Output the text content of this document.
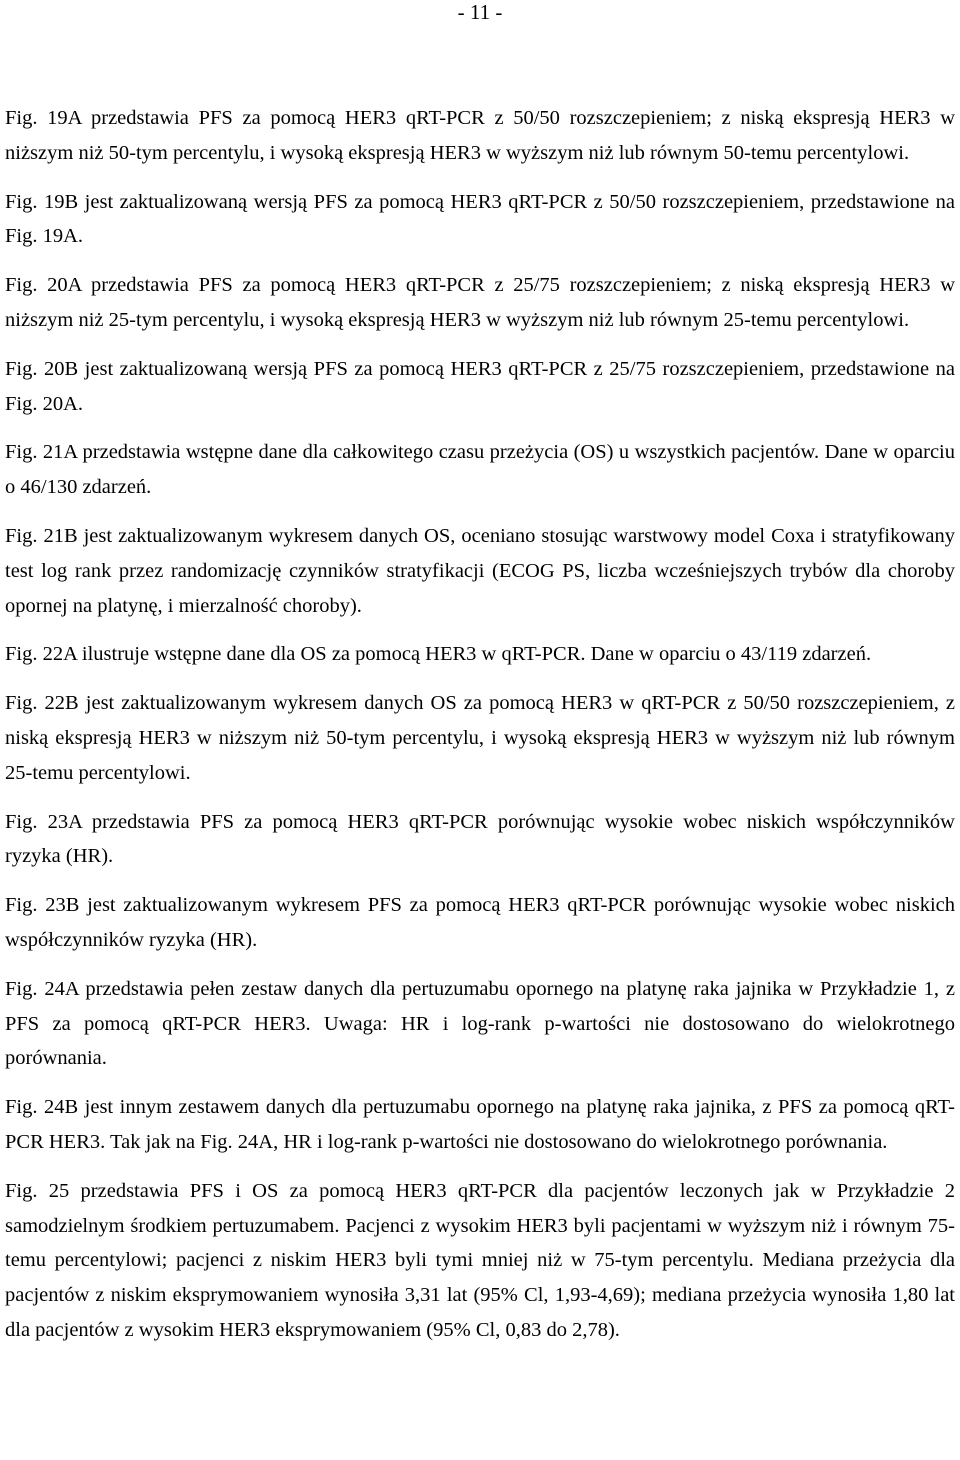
- 11 -

Fig. 19A przedstawia PFS za pomocą HER3 qRT-PCR z 50/50 rozszczepieniem; z niską ekspresją HER3 w niższym niż 50-tym percentylu, i wysoką ekspresją HER3 w wyższym niż lub równym 50-temu percentylowi.

Fig. 19B jest zaktualizowaną wersją PFS za pomocą HER3 qRT-PCR z 50/50 rozszczepieniem, przedstawione na Fig. 19A.

Fig. 20A przedstawia PFS za pomocą HER3 qRT-PCR z 25/75 rozszczepieniem; z niską ekspresją HER3 w niższym niż 25-tym percentylu, i wysoką ekspresją HER3 w wyższym niż lub równym 25-temu percentylowi.

Fig. 20B jest zaktualizowaną wersją PFS za pomocą HER3 qRT-PCR z 25/75 rozszczepieniem, przedstawione na Fig. 20A.

Fig. 21A przedstawia wstępne dane dla całkowitego czasu przeżycia (OS) u wszystkich pacjentów. Dane w oparciu o 46/130 zdarzeń.

Fig. 21B jest zaktualizowanym wykresem danych OS, oceniano stosując warstwowy model Coxa i stratyfikowany test log rank przez randomizację czynników stratyfikacji (ECOG PS, liczba wcześniejszych trybów dla choroby opornej na platynę, i mierzalność choroby).

Fig. 22A ilustruje wstępne dane dla OS za pomocą HER3 w qRT-PCR. Dane w oparciu o 43/119 zdarzeń.

Fig. 22B jest zaktualizowanym wykresem danych OS za pomocą HER3 w qRT-PCR z 50/50 rozszczepieniem, z niską ekspresją HER3 w niższym niż 50-tym percentylu, i wysoką ekspresją HER3 w wyższym niż lub równym 25-temu percentylowi.

Fig. 23A przedstawia PFS za pomocą HER3 qRT-PCR porównując wysokie wobec niskich współczynników ryzyka (HR).

Fig. 23B jest zaktualizowanym wykresem PFS za pomocą HER3 qRT-PCR porównując wysokie wobec niskich współczynników ryzyka (HR).

Fig. 24A przedstawia pełen zestaw danych dla pertuzumabu opornego na platynę raka jajnika w Przykładzie 1, z PFS za pomocą qRT-PCR HER3. Uwaga: HR i log-rank p-wartości nie dostosowano do wielokrotnego porównania.

Fig. 24B jest innym zestawem danych dla pertuzumabu opornego na platynę raka jajnika, z PFS za pomocą qRT-PCR HER3. Tak jak na Fig. 24A, HR i log-rank p-wartości nie dostosowano do wielokrotnego porównania.

Fig. 25 przedstawia PFS i OS za pomocą HER3 qRT-PCR dla pacjentów leczonych jak w Przykładzie 2 samodzielnym środkiem pertuzumabem. Pacjenci z wysokim HER3 byli pacjentami w wyższym niż i równym 75-temu percentylowi; pacjenci z niskim HER3 byli tymi mniej niż w 75-tym percentylu. Mediana przeżycia dla pacjentów z niskim eksprymowaniem wynosiła 3,31 lat (95% Cl, 1,93-4,69); mediana przeżycia wynosiła 1,80 lat dla pacjentów z wysokim HER3 eksprymowaniem (95% Cl, 0,83 do 2,78).
